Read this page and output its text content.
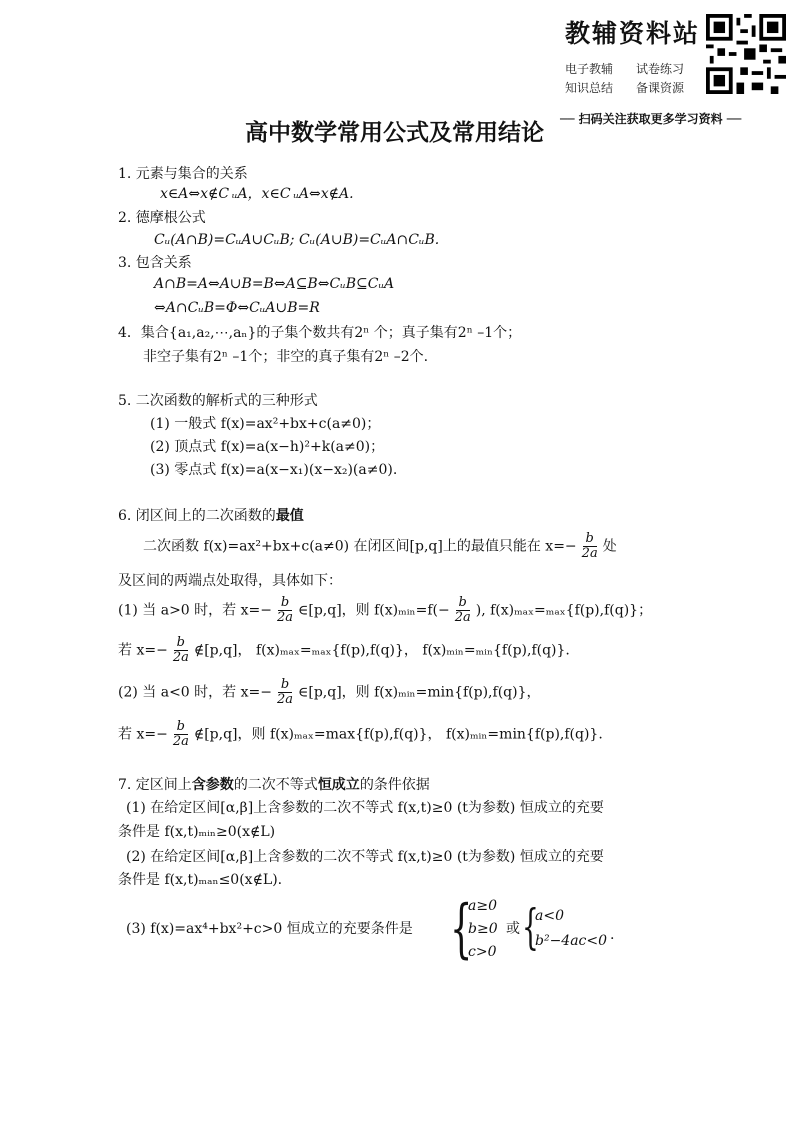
教辅资料站
电子教辅 试卷练习
知识总结 备课资源
高中数学常用公式及常用结论 ── 扫码关注获取更多学习资料 ──
1. 元素与集合的关系
x∈A⇔x∉C ᵤA，x∈C ᵤA⇔x∉A.
2. 德摩根公式
Cᵤ(A∩B)=CᵤA∪CᵤB; Cᵤ(A∪B)=CᵤA∩CᵤB.
3. 包含关系
A∩B=A⇔A∪B=B⇔A⊆B⇔CᵤB⊆CᵤA
⇔A∩CᵤB=Φ⇔CᵤA∪B=R
4．集合{a₁,a₂,⋯,aₙ}的子集个数共有2ⁿ 个；真子集有2ⁿ –1个；
非空子集有2ⁿ –1个；非空的真子集有2ⁿ –2个.
5. 二次函数的解析式的三种形式
(1) 一般式 f(x)=ax²+bx+c(a≠0)；
(2) 顶点式 f(x)=a(x−h)²+k(a≠0)；
(3) 零点式 f(x)=a(x−x₁)(x−x₂)(a≠0).
6. 闭区间上的二次函数的最值
二次函数 f(x)=ax²+bx+c(a≠0) 在闭区间[p,q]上的最值只能在 $x=- \frac{b}{2a}$ 处
及区间的两端点处取得，具体如下：
(1) 当 a>0 时，若 $x=- \frac{b}{2a}$ ∈[p,q]，则 f(x)ₘᵢₙ=f(− $\frac{b}{2a}$ ), f(x)ₘₐₓ=ₘₐₓ{f(p),f(q)}；
若 $x=- \frac{b}{2a}$ ∉[p,q]， f(x)ₘₐₓ=ₘₐₓ{f(p),f(q)}， f(x)ₘᵢₙ=ₘᵢₙ{f(p),f(q)}.
(2) 当 a<0 时，若 $x=- \frac{b}{2a}$ ∈[p,q]，则 f(x)ₘᵢₙ=min{f(p),f(q)}，
若 $x=- \frac{b}{2a}$ ∉[p,q]，则 f(x)ₘₐₓ=max{f(p),f(q)}， f(x)ₘᵢₙ=min{f(p),f(q)}.
7. 定区间上含参数的二次不等式恒成立的条件依据
(1) 在给定区间[α,β]上含参数的二次不等式 f(x,t)≥0 (t为参数) 恒成立的充要
条件是 f(x,t)ₘᵢₙ≥0(x∉L)
(2) 在给定区间[α,β]上含参数的二次不等式 f(x,t)≥0 (t为参数) 恒成立的充要
条件是 f(x,t)ₘₐₙ≤0(x∉L).
(3) f(x)=ax⁴+bx²+c>0 恒成立的充要条件是 {
a≥0
b≥0
c>0
或 {
a<0
b²−4ac<0 .
